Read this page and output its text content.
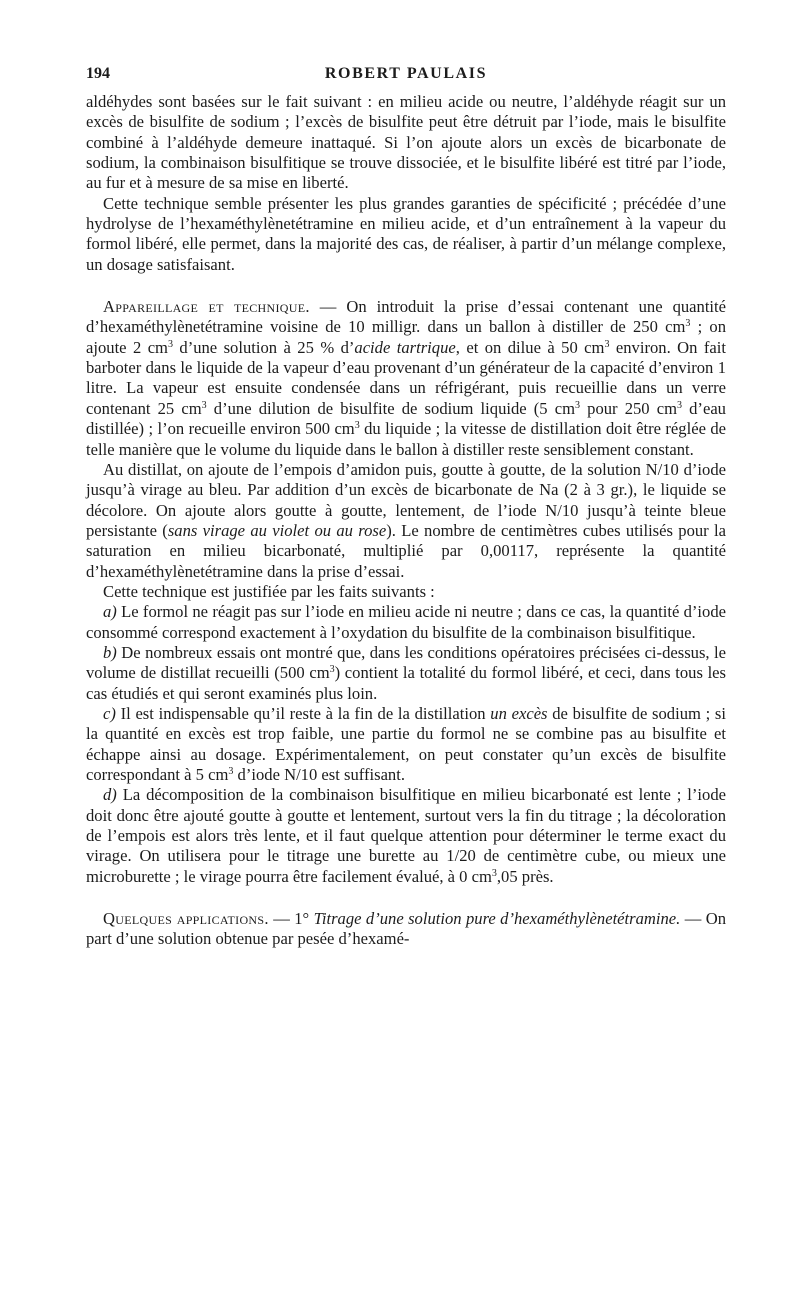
194	ROBERT PAULAIS

aldéhydes sont basées sur le fait suivant : en milieu acide ou neutre, l’aldéhyde réagit sur un excès de bisulfite de sodium ; l’excès de bisulfite peut être détruit par l’iode, mais le bisulfite combiné à l’aldéhyde demeure inattaqué. Si l’on ajoute alors un excès de bicarbonate de sodium, la combinaison bisulfitique se trouve dissociée, et le bisulfite libéré est titré par l’iode, au fur et à mesure de sa mise en liberté.

Cette technique semble présenter les plus grandes garanties de spécificité ; précédée d’une hydrolyse de l’hexaméthylènetétramine en milieu acide, et d’un entraînement à la vapeur du formol libéré, elle permet, dans la majorité des cas, de réaliser, à partir d’un mélange complexe, un dosage satisfaisant.

Appareillage et technique. — On introduit la prise d’essai contenant une quantité d’hexaméthylènetétramine voisine de 10 milligr. dans un ballon à distiller de 250 $cm^3$ ; on ajoute 2 $cm^3$ d’une solution à 25 % d’acide tartrique, et on dilue à 50 $cm^3$ environ. On fait barboter dans le liquide de la vapeur d’eau provenant d’un générateur de la capacité d’environ 1 litre. La vapeur est ensuite condensée dans un réfrigérant, puis recueillie dans un verre contenant 25 $cm^3$ d’une dilution de bisulfite de sodium liquide (5 $cm^3$ pour 250 $cm^3$ d’eau distillée) ; l’on recueille environ 500 $cm^3$ du liquide ; la vitesse de distillation doit être réglée de telle manière que le volume du liquide dans le ballon à distiller reste sensiblement constant.

Au distillat, on ajoute de l’empois d’amidon puis, goutte à goutte, de la solution N/10 d’iode jusqu’à virage au bleu. Par addition d’un excès de bicarbonate de Na (2 à 3 gr.), le liquide se décolore. On ajoute alors goutte à goutte, lentement, de l’iode N/10 jusqu’à teinte bleue persistante (sans virage au violet ou au rose). Le nombre de centimètres cubes utilisés pour la saturation en milieu bicarbonaté, multiplié par 0,00117, représente la quantité d’hexaméthylènetétramine dans la prise d’essai.

Cette technique est justifiée par les faits suivants :

a) Le formol ne réagit pas sur l’iode en milieu acide ni neutre ; dans ce cas, la quantité d’iode consommé correspond exactement à l’oxydation du bisulfite de la combinaison bisulfitique.

b) De nombreux essais ont montré que, dans les conditions opératoires précisées ci-dessus, le volume de distillat recueilli (500 $cm^3$) contient la totalité du formol libéré, et ceci, dans tous les cas étudiés et qui seront examinés plus loin.

c) Il est indispensable qu’il reste à la fin de la distillation un excès de bisulfite de sodium ; si la quantité en excès est trop faible, une partie du formol ne se combine pas au bisulfite et échappe ainsi au dosage. Expérimentalement, on peut constater qu’un excès de bisulfite correspondant à 5 $cm^3$ d’iode N/10 est suffisant.

d) La décomposition de la combinaison bisulfitique en milieu bicarbonaté est lente ; l’iode doit donc être ajouté goutte à goutte et lentement, surtout vers la fin du titrage ; la décoloration de l’empois est alors très lente, et il faut quelque attention pour déterminer le terme exact du virage. On utilisera pour le titrage une burette au 1/20 de centimètre cube, ou mieux une microburette ; le virage pourra être facilement évalué, à 0 $cm^3,05$ près.

Quelques applications. — 1° Titrage d’une solution pure d’hexaméthylènetétramine. — On part d’une solution obtenue par pesée d’hexamé-
